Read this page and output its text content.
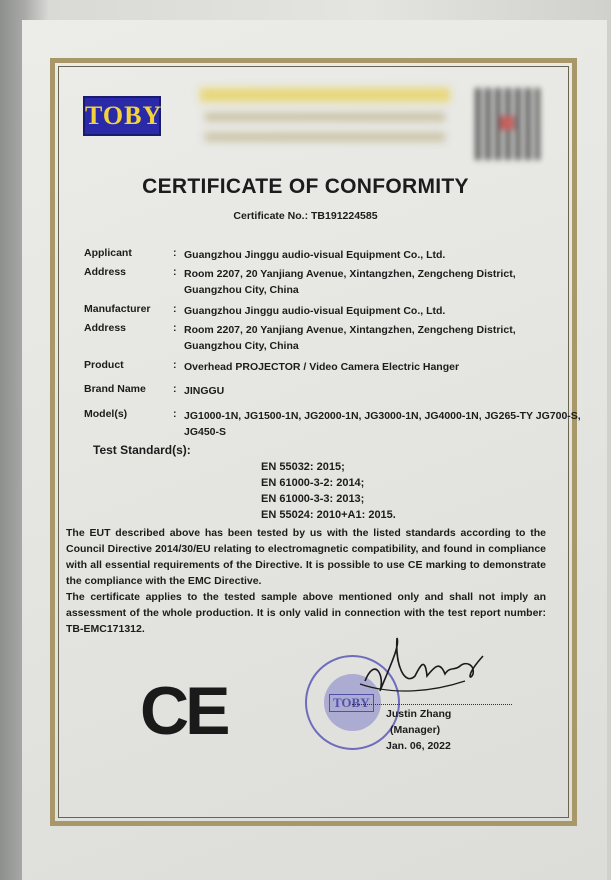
TOBY
CERTIFICATE OF CONFORMITY
Certificate No.: TB191224585
Applicant	: Guangzhou Jinggu audio-visual Equipment Co., Ltd.
Address	: Room 2207, 20 Yanjiang Avenue, Xintangzhen, Zengcheng District, Guangzhou City, China
Manufacturer : Guangzhou Jinggu audio-visual Equipment Co., Ltd.
Address	: Room 2207, 20 Yanjiang Avenue, Xintangzhen, Zengcheng District, Guangzhou City, China
Product	: Overhead PROJECTOR / Video Camera Electric Hanger
Brand Name	: JINGGU
Model(s)	: JG1000-1N, JG1500-1N, JG2000-1N, JG3000-1N, JG4000-1N, JG265-TY JG700-S, JG450-S
Test Standard(s):
EN 55032: 2015;
EN 61000-3-2: 2014;
EN 61000-3-3: 2013;
EN 55024: 2010+A1: 2015.
The EUT described above has been tested by us with the listed standards according to the Council Directive 2014/30/EU relating to electromagnetic compatibility, and found in compliance with all essential requirements of the Directive. It is possible to use CE marking to demonstrate the compliance with the EMC Directive.
The certificate applies to the tested sample above mentioned only and shall not imply an assessment of the whole production. It is only valid in connection with the test report number: TB-EMC171312.
CE	TOBY
Justin Zhang
(Manager)
Jan. 06, 2022
